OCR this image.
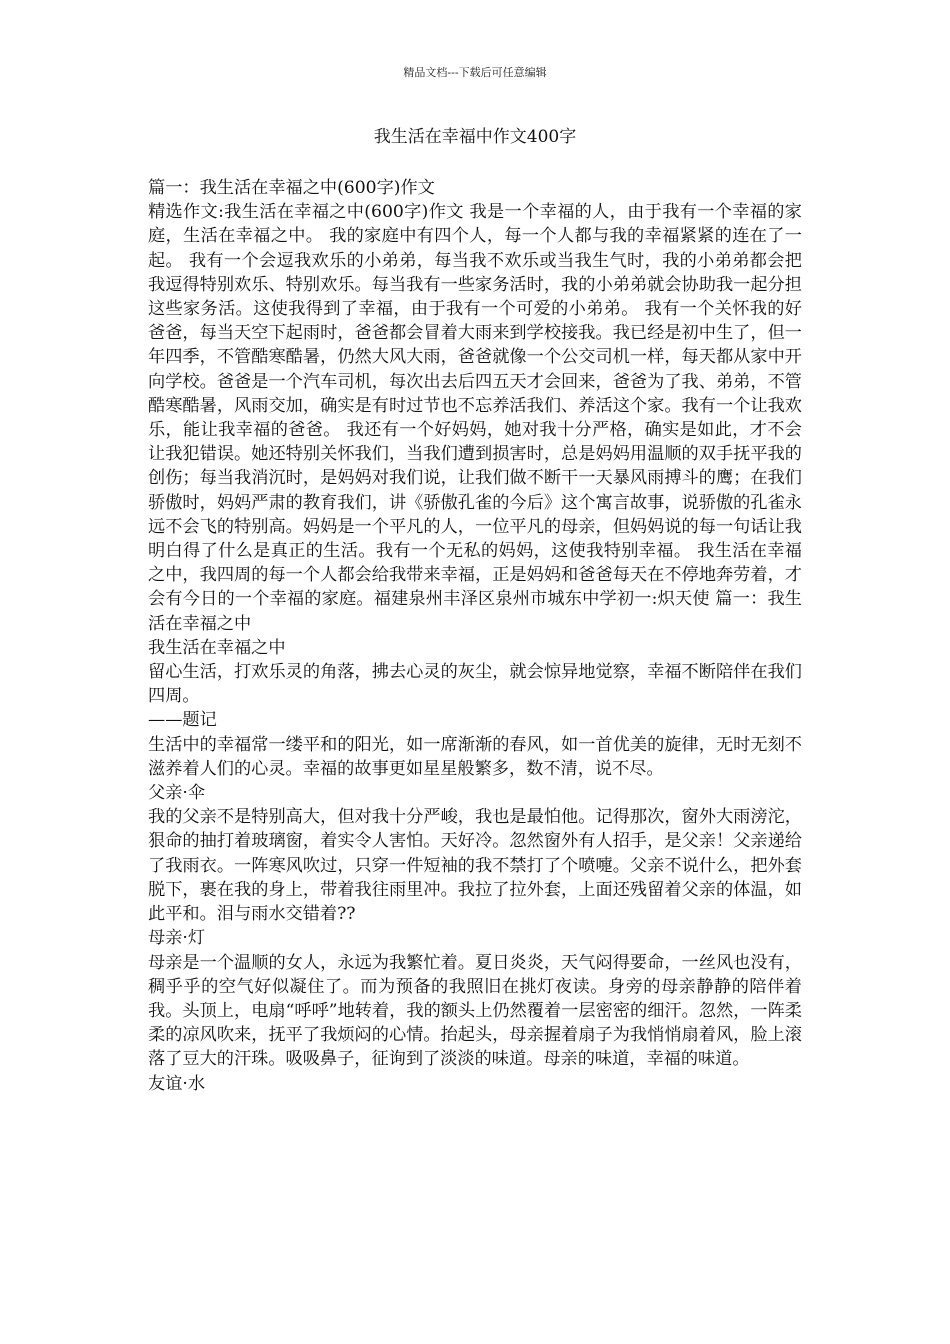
精品文档---下载后可任意编辑
我生活在幸福中作文400字

篇一：我生活在幸福之中(600字)作文

精选作文:我生活在幸福之中(600字)作文 我是一个幸福的人，由于我有一个幸福的家庭，生活在幸福之中。 我的家庭中有四个人，每一个人都与我的幸福紧紧的连在了一起。 我有一个会逗我欢乐的小弟弟，每当我不欢乐或当我生气时，我的小弟弟都会把我逗得特别欢乐、特别欢乐。每当我有一些家务活时，我的小弟弟就会协助我一起分担这些家务活。这使我得到了幸福，由于我有一个可爱的小弟弟。 我有一个关怀我的好爸爸，每当天空下起雨时，爸爸都会冒着大雨来到学校接我。我已经是初中生了，但一年四季，不管酷寒酷暑，仍然大风大雨，爸爸就像一个公交司机一样，每天都从家中开向学校。爸爸是一个汽车司机，每次出去后四五天才会回来，爸爸为了我、弟弟，不管酷寒酷暑，风雨交加，确实是有时过节也不忘养活我们、养活这个家。我有一个让我欢乐，能让我幸福的爸爸。 我还有一个好妈妈，她对我十分严格，确实是如此，才不会让我犯错误。她还特别关怀我们，当我们遭到损害时，总是妈妈用温顺的双手抚平我的创伤；每当我消沉时，是妈妈对我们说，让我们做不断干一天暴风雨搏斗的鹰；在我们骄傲时，妈妈严肃的教育我们，讲《骄傲孔雀的今后》这个寓言故事，说骄傲的孔雀永远不会飞的特别高。妈妈是一个平凡的人，一位平凡的母亲，但妈妈说的每一句话让我明白得了什么是真正的生活。我有一个无私的妈妈，这使我特别幸福。 我生活在幸福之中，我四周的每一个人都会给我带来幸福，正是妈妈和爸爸每天在不停地奔劳着，才会有今日的一个幸福的家庭。福建泉州丰泽区泉州市城东中学初一:炽天使 篇一：我生活在幸福之中

我生活在幸福之中

留心生活，打欢乐灵的角落，拂去心灵的灰尘，就会惊异地觉察，幸福不断陪伴在我们四周。

——题记

生活中的幸福常一缕平和的阳光，如一席渐渐的春风，如一首优美的旋律，无时无刻不滋养着人们的心灵。幸福的故事更如星星般繁多，数不清，说不尽。

父亲·伞

我的父亲不是特别高大，但对我十分严峻，我也是最怕他。记得那次，窗外大雨滂沱，狠命的抽打着玻璃窗，着实令人害怕。天好冷。忽然窗外有人招手，是父亲！父亲递给了我雨衣。一阵寒风吹过，只穿一件短袖的我不禁打了个喷嚏。父亲不说什么，把外套脱下，裹在我的身上，带着我往雨里冲。我拉了拉外套，上面还残留着父亲的体温，如此平和。泪与雨水交错着??

母亲·灯

母亲是一个温顺的女人，永远为我繁忙着。夏日炎炎，天气闷得要命，一丝风也没有，稠乎乎的空气好似凝住了。而为预备的我照旧在挑灯夜读。身旁的母亲静静的陪伴着我。头顶上，电扇“呼呼”地转着，我的额头上仍然覆着一层密密的细汗。忽然，一阵柔柔的凉风吹来，抚平了我烦闷的心情。抬起头，母亲握着扇子为我悄悄扇着风，脸上滚落了豆大的汗珠。吸吸鼻子，征询到了淡淡的味道。母亲的味道，幸福的味道。

友谊·水
